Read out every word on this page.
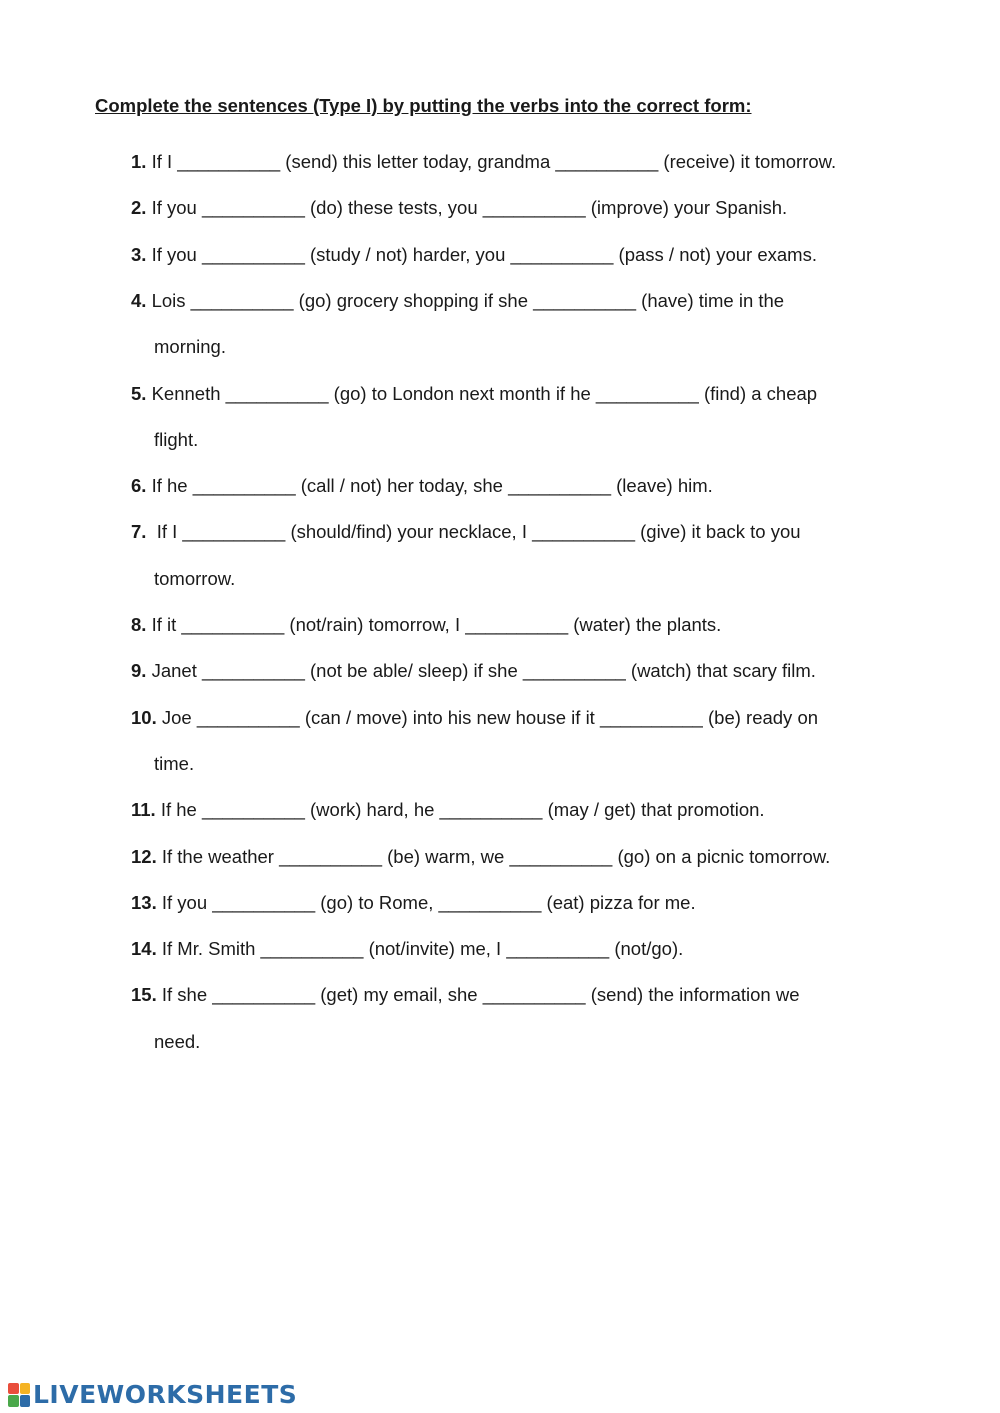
Complete the sentences (Type I) by putting the verbs into the correct form:
1. If I __________ (send) this letter today, grandma __________ (receive) it tomorrow.
2. If you __________ (do) these tests, you __________ (improve) your Spanish.
3. If you __________ (study / not) harder, you __________ (pass / not) your exams.
4. Lois __________ (go) grocery shopping if she __________ (have) time in the
morning.
5. Kenneth __________ (go) to London next month if he __________ (find) a cheap
flight.
6. If he __________ (call / not) her today, she __________ (leave) him.
7.  If I __________ (should/find) your necklace, I __________ (give) it back to you
tomorrow.
8. If it __________ (not/rain) tomorrow, I __________ (water) the plants.
9. Janet __________ (not be able/ sleep) if she __________ (watch) that scary film.
10. Joe __________ (can / move) into his new house if it __________ (be) ready on
time.
11. If he __________ (work) hard, he __________ (may / get) that promotion.
12. If the weather __________ (be) warm, we __________ (go) on a picnic tomorrow.
13. If you __________ (go) to Rome, __________ (eat) pizza for me.
14. If Mr. Smith __________ (not/invite) me, I __________ (not/go).
15. If she __________ (get) my email, she __________ (send) the information we
need.
LIVEWORKSHEETS
